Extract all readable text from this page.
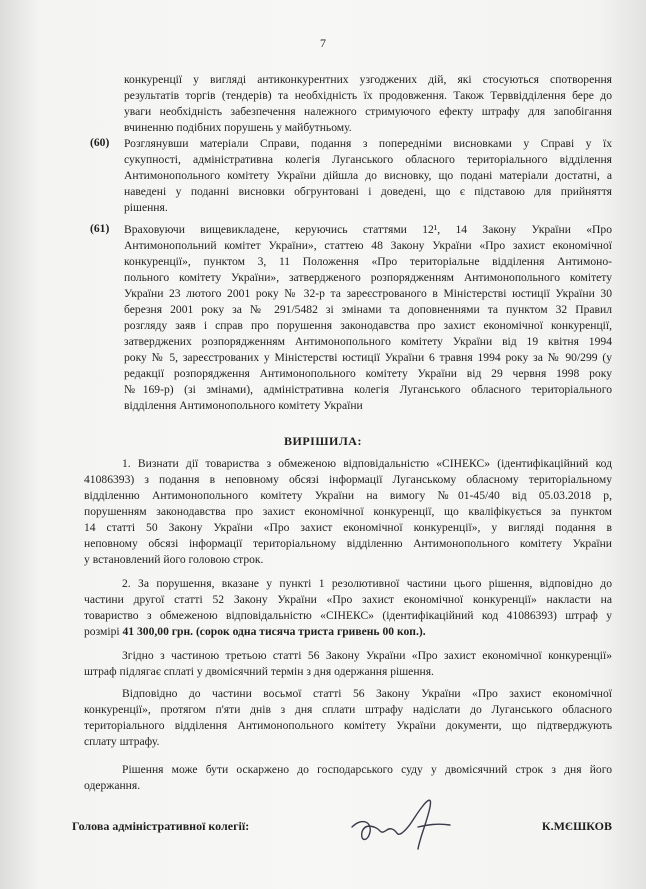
7
конкуренції у вигляді антиконкурентних узгоджених дій, які стосуються спотворення
результатів торгів (тендерів) та необхідність їх продовження. Також Терввідділення бере до
уваги необхідність забезпечення належного стримуючого ефекту штрафу для запобігання
вчиненню подібних порушень у майбутньому.
(60) Розглянувши матеріали Справи, подання з попередніми висновками у Справі у їх
сукупності, адміністративна колегія Луганського обласного територіального відділення
Антимонопольного комітету України дійшла до висновку, що подані матеріали достатні, а
наведені у поданні висновки обгрунтовані і доведені, що є підставою для прийняття
рішення.
(61) Враховуючи вищевикладене, керуючись статтями 12¹, 14 Закону України «Про
Антимонопольний комітет України», статтею 48 Закону України «Про захист економічної
конкуренції», пунктом 3, 11 Положення «Про територіальне відділення Антимоно-
польного комітету України», затвердженого розпорядженням Антимонопольного комітету
України 23 лютого 2001 року № 32-р та зареєстрованого в Міністерстві юстиції України 30
березня 2001 року за № 291/5482 зі змінами та доповненнями та пунктом 32 Правил
розгляду заяв і справ про порушення законодавства про захист економічної конкуренції,
затверджених розпорядженням Антимонопольного комітету України від 19 квітня 1994
року № 5, зареєстрованих у Міністерстві юстиції України 6 травня 1994 року за № 90/299 (у
редакції розпорядження Антимонопольного комітету України від 29 червня 1998 року
№169-р) (зі змінами), адміністративна колегія Луганського обласного територіального
відділення Антимонопольного комітету України
ВИРІШИЛА:
1. Визнати дії товариства з обмеженою відповідальністю «СІНЕКС» (ідентифікаційний код
41086393) з подання в неповному обсязі інформації Луганському обласному територіальному
відділенню Антимонопольного комітету України на вимогу №01-45/40 від 05.03.2018 р,
порушенням законодавства про захист економічної конкуренції, що кваліфікується за пунктом
14 статті 50 Закону України «Про захист економічної конкуренції», у вигляді подання в
неповному обсязі інформації територіальному відділенню Антимонопольного комітету України
у встановлений його головою строк.
2. За порушення, вказане у пункті 1 резолютивної частини цього рішення, відповідно до
частини другої статті 52 Закону України «Про захист економічної конкуренції» накласти на
товариство з обмеженою відповідальністю «СІНЕКС» (ідентифікаційний код 41086393) штраф у
розмірі 41 300,00 грн. (сорок одна тисяча триста гривень 00 коп.).
Згідно з частиною третьою статті 56 Закону України «Про захист економічної конкуренції»
штраф підлягає сплаті у двомісячний термін з дня одержання рішення.
Відповідно до частини восьмої статті 56 Закону України «Про захист економічної
конкуренції», протягом п'яти днів з дня сплати штрафу надіслати до Луганського обласного
територіального відділення Антимонопольного комітету України документи, що підтверджують
сплату штрафу.
Рішення може бути оскаржено до господарського суду у двомісячний строк з дня його
одержання.
Голова адміністративної колегії:	К.МЄШКОВ
